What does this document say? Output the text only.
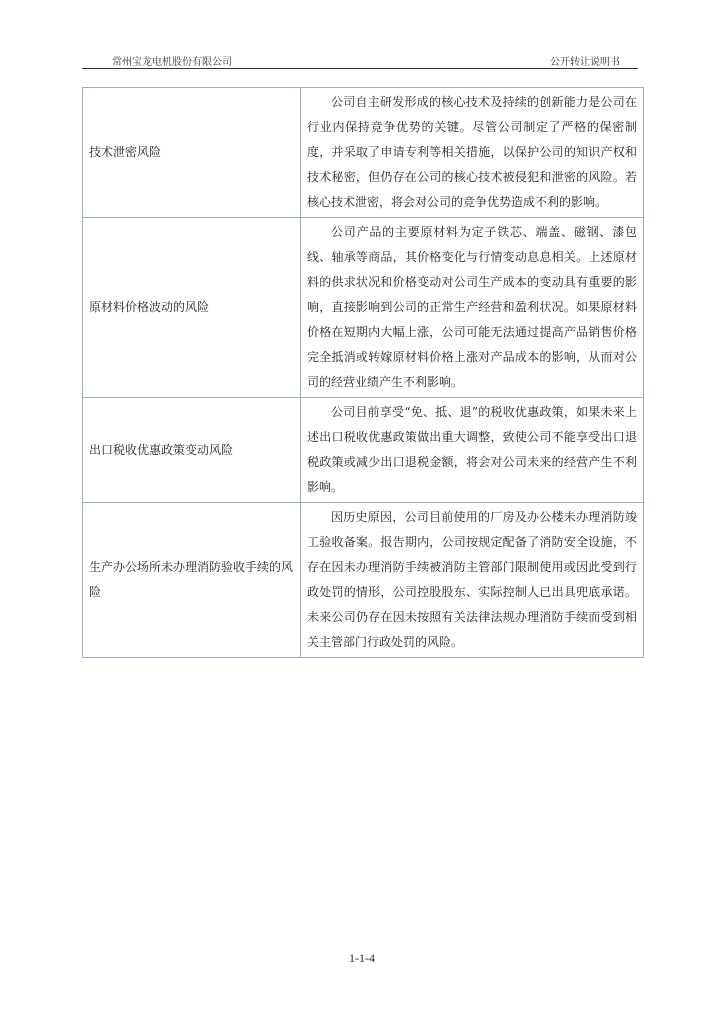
常州宝龙电机股份有限公司	公开转让说明书
技术泄密风险	公司自主研发形成的核心技术及持续的创新能力是公司在行业内保持竞争优势的关键。尽管公司制定了严格的保密制度，并采取了申请专利等相关措施，以保护公司的知识产权和技术秘密，但仍存在公司的核心技术被侵犯和泄密的风险。若核心技术泄密，将会对公司的竞争优势造成不利的影响。

原材料价格波动的风险	公司产品的主要原材料为定子铁芯、端盖、磁钢、漆包线、轴承等商品，其价格变化与行情变动息息相关。上述原材料的供求状况和价格变动对公司生产成本的变动具有重要的影响，直接影响到公司的正常生产经营和盈利状况。如果原材料价格在短期内大幅上涨，公司可能无法通过提高产品销售价格完全抵消或转嫁原材料价格上涨对产品成本的影响，从而对公司的经营业绩产生不利影响。

出口税收优惠政策变动风险	公司目前享受“免、抵、退”的税收优惠政策，如果未来上述出口税收优惠政策做出重大调整，致使公司不能享受出口退税政策或减少出口退税金额，将会对公司未来的经营产生不利影响。

生产办公场所未办理消防验收手续的风险	因历史原因，公司目前使用的厂房及办公楼未办理消防竣工验收备案。报告期内，公司按规定配备了消防安全设施，不存在因未办理消防手续被消防主管部门限制使用或因此受到行政处罚的情形，公司控股股东、实际控制人已出具兜底承诺。未来公司仍存在因未按照有关法律法规办理消防手续而受到相关主管部门行政处罚的风险。

1-1-4
